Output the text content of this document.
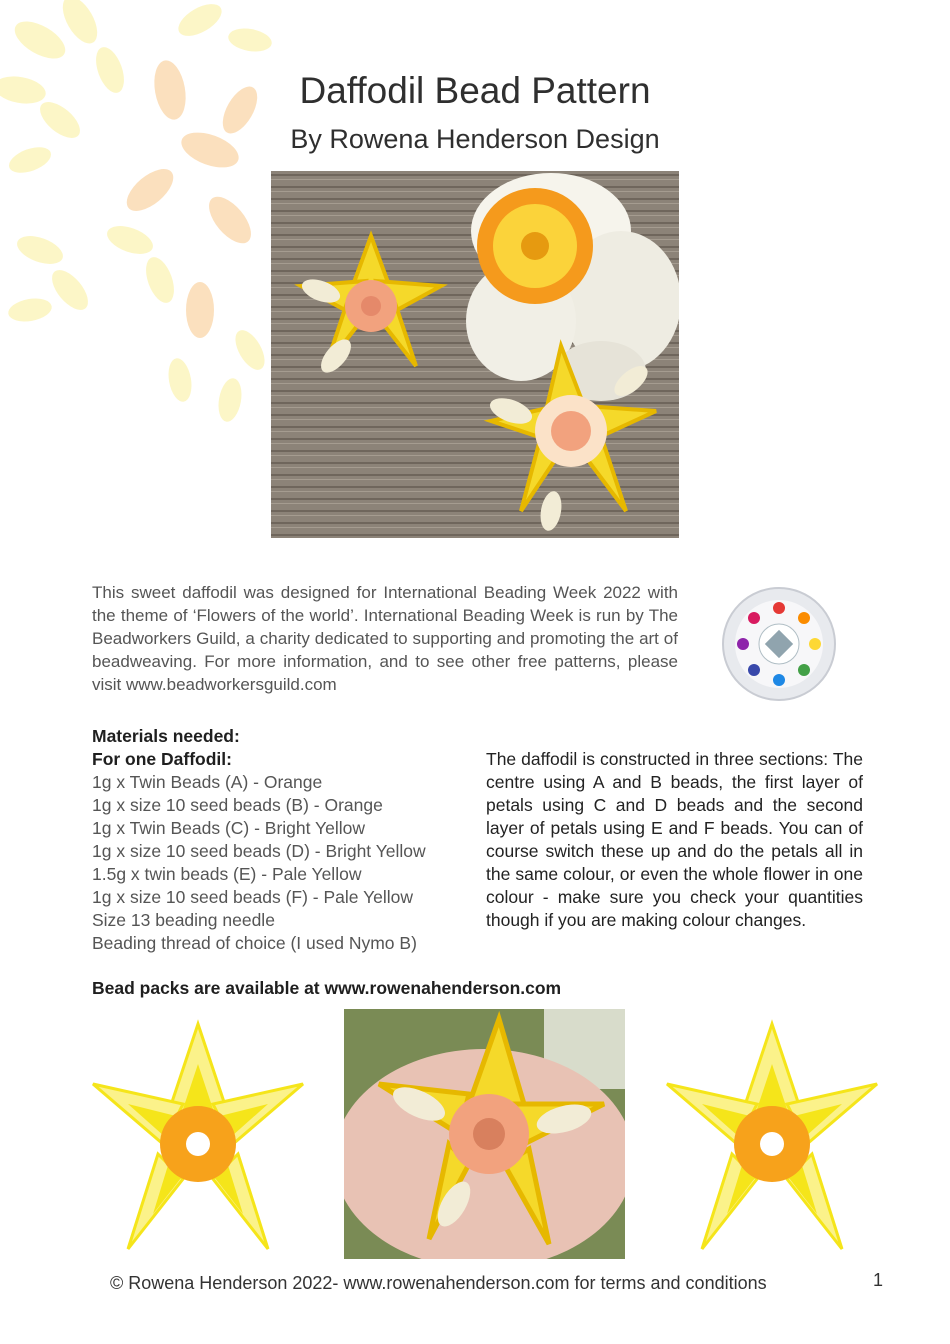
Daffodil Bead Pattern
By Rowena Henderson Design
This sweet daffodil was designed for International Beading Week 2022 with the theme of ‘Flowers of the world’. International Beading Week is run by The Beadworkers Guild, a charity dedicated to supporting and promoting the art of beadweaving. For more information, and to see other free patterns, please visit www.beadworkersguild.com
Materials needed:
For one Daffodil:
1g x Twin Beads (A) - Orange
1g x size 10 seed beads (B) - Orange
1g x Twin Beads (C) - Bright Yellow
1g x size 10 seed beads (D) - Bright Yellow
1.5g x twin beads (E) - Pale Yellow
1g x size 10 seed beads (F) - Pale Yellow
Size 13 beading needle
Beading thread of choice (I used Nymo B)
The daffodil is constructed in three sections: The centre using A and B beads, the first layer of petals using C and D beads and the second layer of petals using E and F beads. You can of course switch these up and do the petals all in the same colour, or even the whole flower in one colour - make sure you check your quantities though if you are making colour changes.
Bead packs are available at www.rowenahenderson.com
© Rowena Henderson 2022- www.rowenahenderson.com for terms and conditions	1
